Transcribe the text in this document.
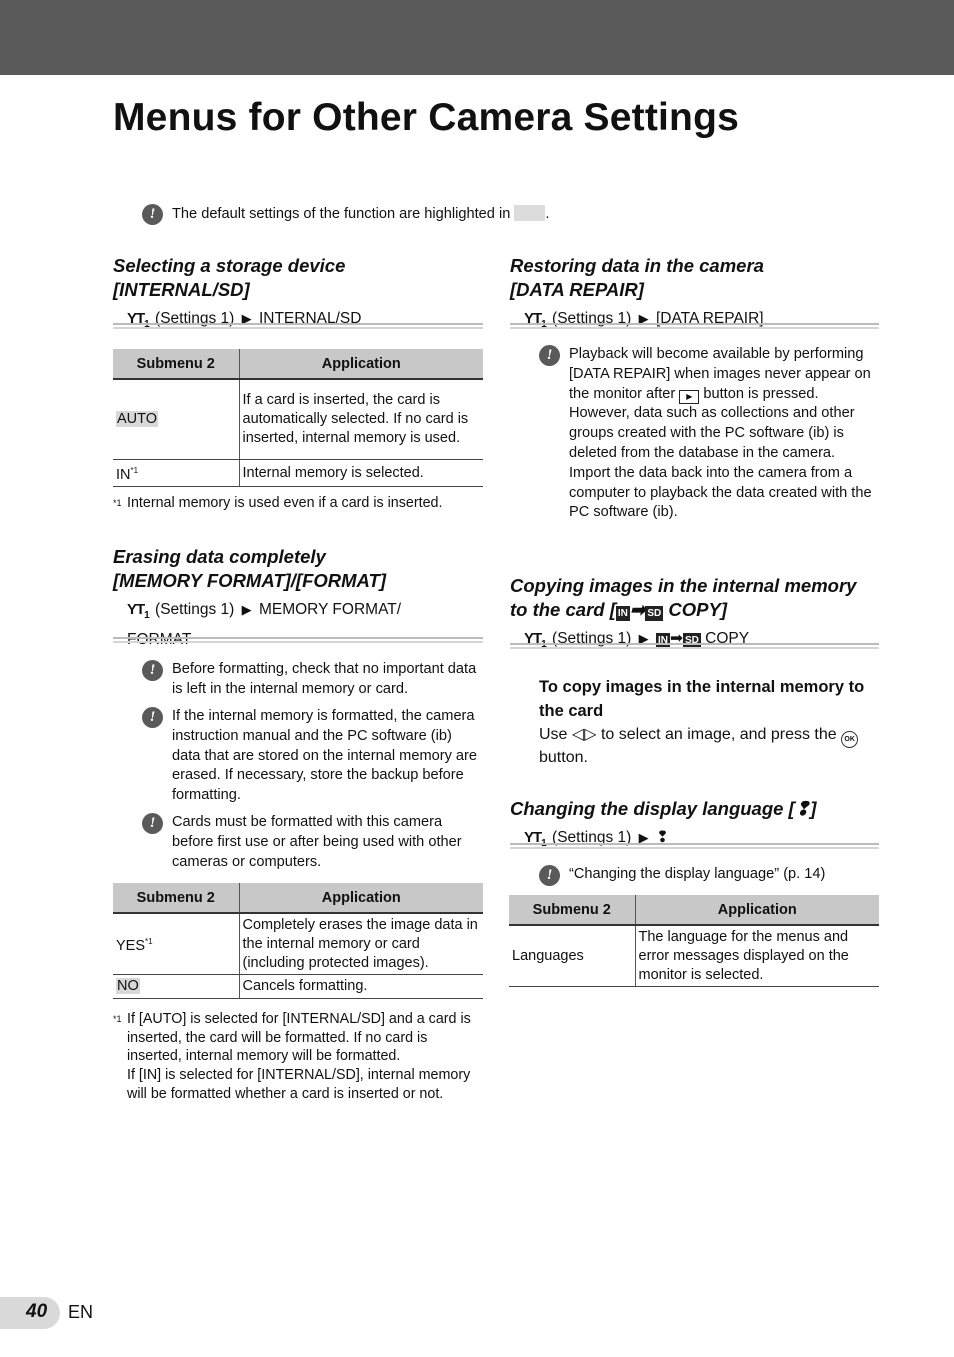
Menus for Other Camera Settings
!	The default settings of the function are highlighted in .
Selecting a storage device
[INTERNAL/SD]
$YT_1$ (Settings 1) ▶ INTERNAL/SD
Submenu 2	Application
AUTO	If a card is inserted, the card is automatically selected. If no card is inserted, internal memory is used.
IN$^{*1}$	Internal memory is selected.
*1 Internal memory is used even if a card is inserted.
Erasing data completely
[MEMORY FORMAT]/[FORMAT]
$YT_1$ (Settings 1) ▶ MEMORY FORMAT/
FORMAT
!	Before formatting, check that no important data is left in the internal memory or card.
!	If the internal memory is formatted, the camera instruction manual and the PC software (ib) data that are stored on the internal memory are erased. If necessary, store the backup before formatting.
!	Cards must be formatted with this camera before first use or after being used with other cameras or computers.
Submenu 2	Application
YES$^{*1}$	Completely erases the image data in the internal memory or card (including protected images).
NO	Cancels formatting.
*1 If [AUTO] is selected for [INTERNAL/SD] and a card is inserted, the card will be formatted. If no card is inserted, internal memory will be formatted.
If [IN] is selected for [INTERNAL/SD], internal memory will be formatted whether a card is inserted or not.
Restoring data in the camera
[DATA REPAIR]
$YT_1$ (Settings 1) ▶ [DATA REPAIR]
!	Playback will become available by performing [DATA REPAIR] when images never appear on the monitor after ▶ button is pressed. However, data such as collections and other groups created with the PC software (ib) is deleted from the database in the camera.
Import the data back into the camera from a computer to playback the data created with the PC software (ib).
Copying images in the internal memory
to the card [ IN ➡ SD COPY]
$YT_1$ (Settings 1) ▶ IN ➡ SD COPY
To copy images in the internal memory to the card
Use ◁▷ to select an image, and press the OK button.
Changing the display language [❢]
$YT_1$ (Settings 1) ▶ ❢
!	“Changing the display language” (p. 14)
Submenu 2	Application
Languages	The language for the menus and error messages displayed on the monitor is selected.
40 EN
